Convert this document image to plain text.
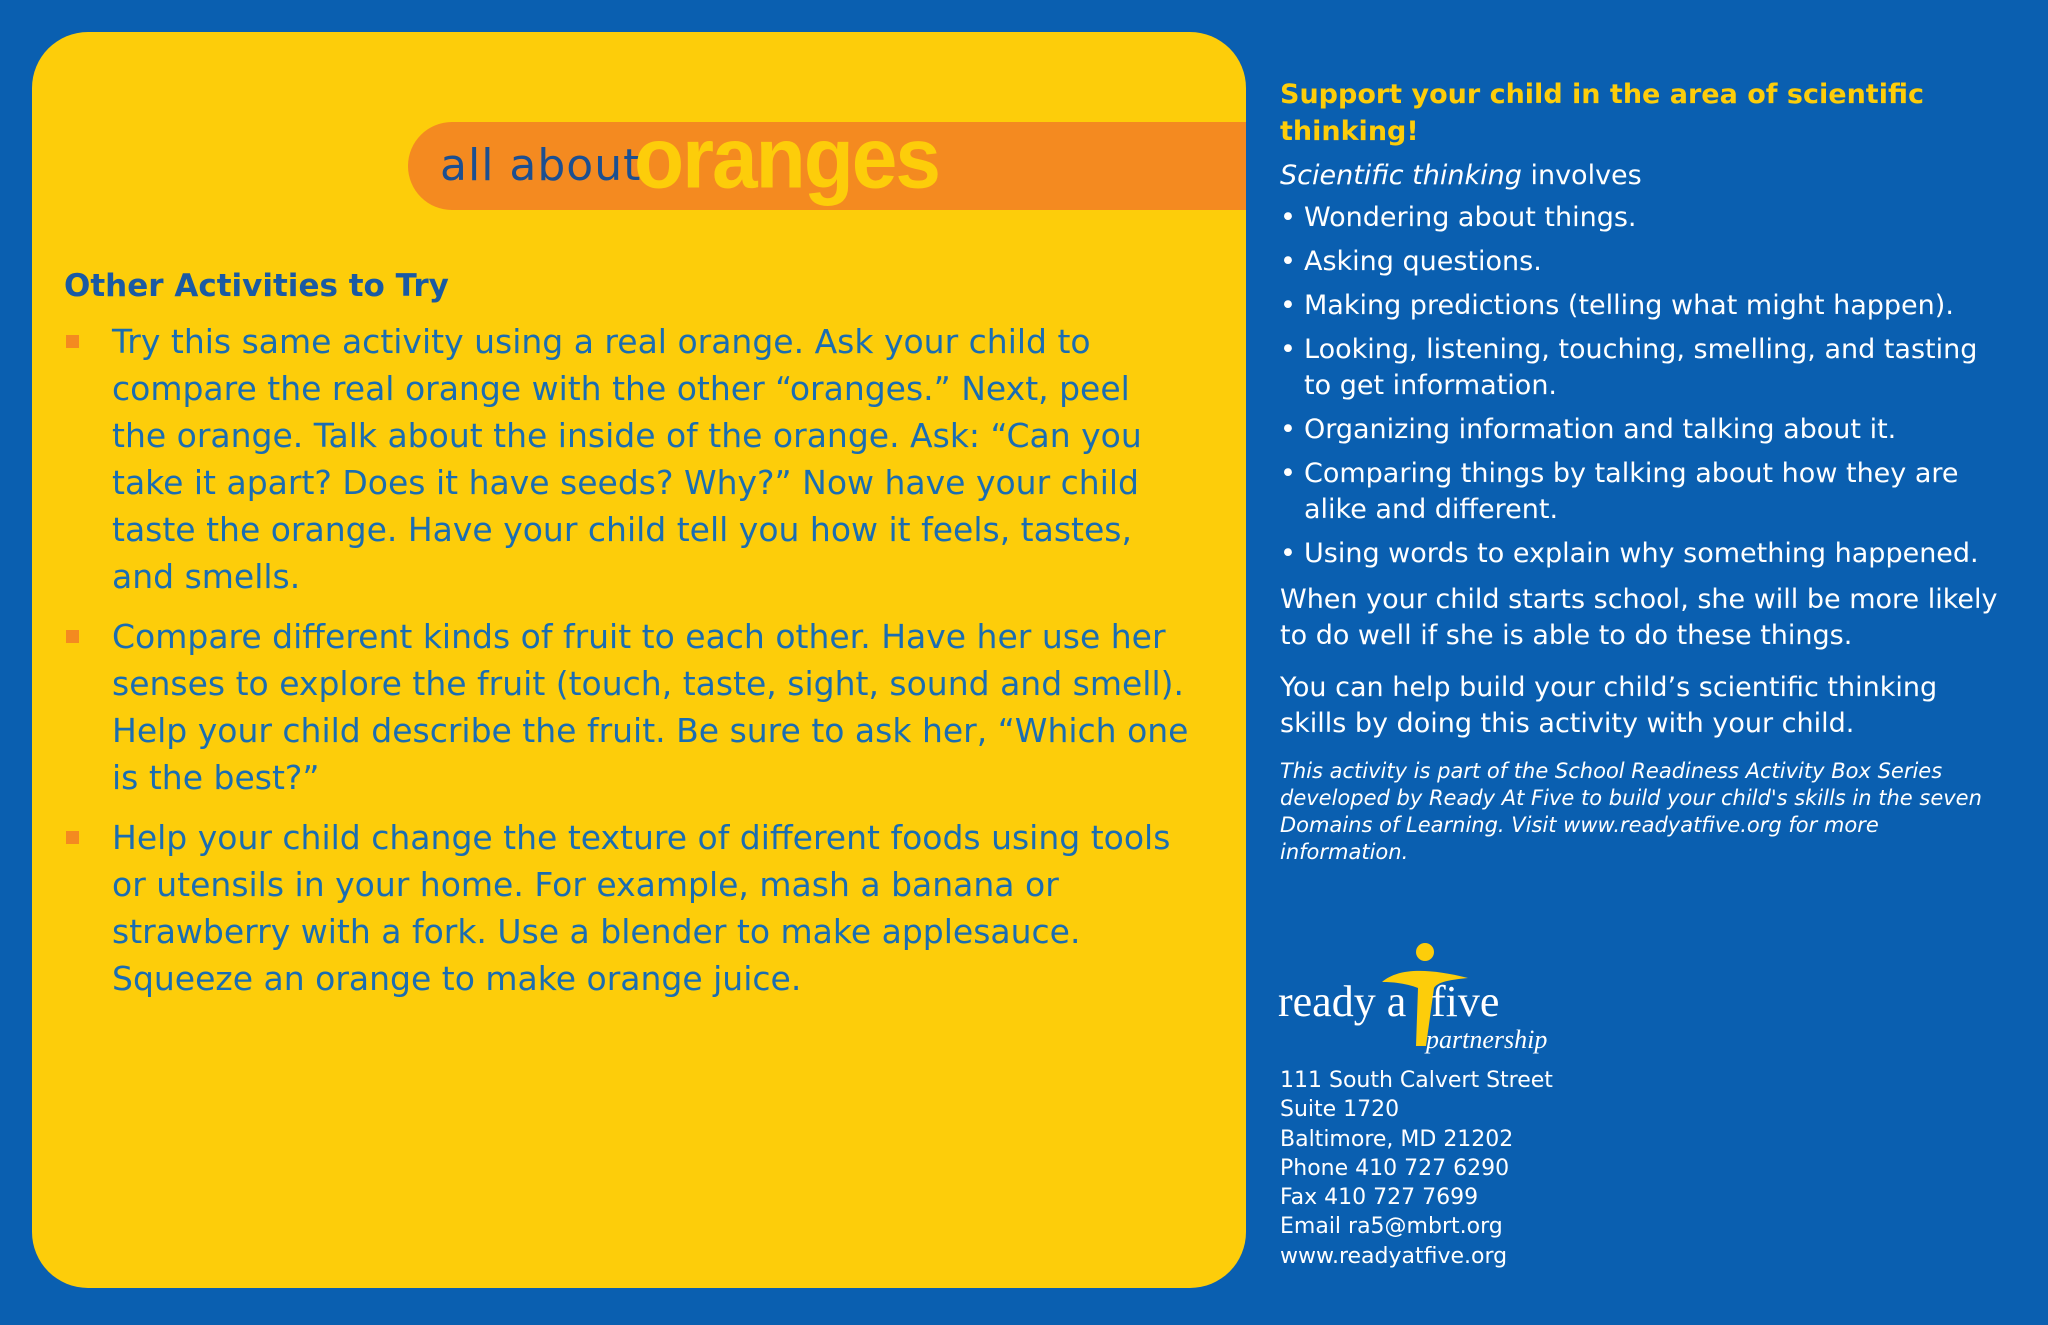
all about
oranges
Other Activities to Try
Try this same activity using a real orange. Ask your child to compare the real orange with the other “oranges.” Next, peel the orange. Talk about the inside of the orange. Ask: “Can you take it apart? Does it have seeds? Why?” Now have your child taste the orange. Have your child tell you how it feels, tastes, and smells.
Compare different kinds of fruit to each other. Have her use her senses to explore the fruit (touch, taste, sight, sound and smell). Help your child describe the fruit. Be sure to ask her, “Which one is the best?”
Help your child change the texture of different foods using tools or utensils in your home. For example, mash a banana or strawberry with a fork. Use a blender to make applesauce. Squeeze an orange to make orange juice.

Support your child in the area of scientific thinking!

Scientific thinking involves

• Wondering about things.
• Asking questions.
• Making predictions (telling what might happen).
• Looking, listening, touching, smelling, and tasting to get information.
• Organizing information and talking about it.
• Comparing things by talking about how they are alike and different.
• Using words to explain why something happened.

When your child starts school, she will be more likely to do well if she is able to do these things.

You can help build your child’s scientific thinking skills by doing this activity with your child.

This activity is part of the School Readiness Activity Box Series developed by Ready At Five to build your child's skills in the seven Domains of Learning. Visit www.readyatfive.org for more information.

ready a five
partnership
111 South Calvert Street
Suite 1720
Baltimore, MD 21202
Phone 410 727 6290
Fax 410 727 7699
Email ra5@mbrt.org
www.readyatfive.org
